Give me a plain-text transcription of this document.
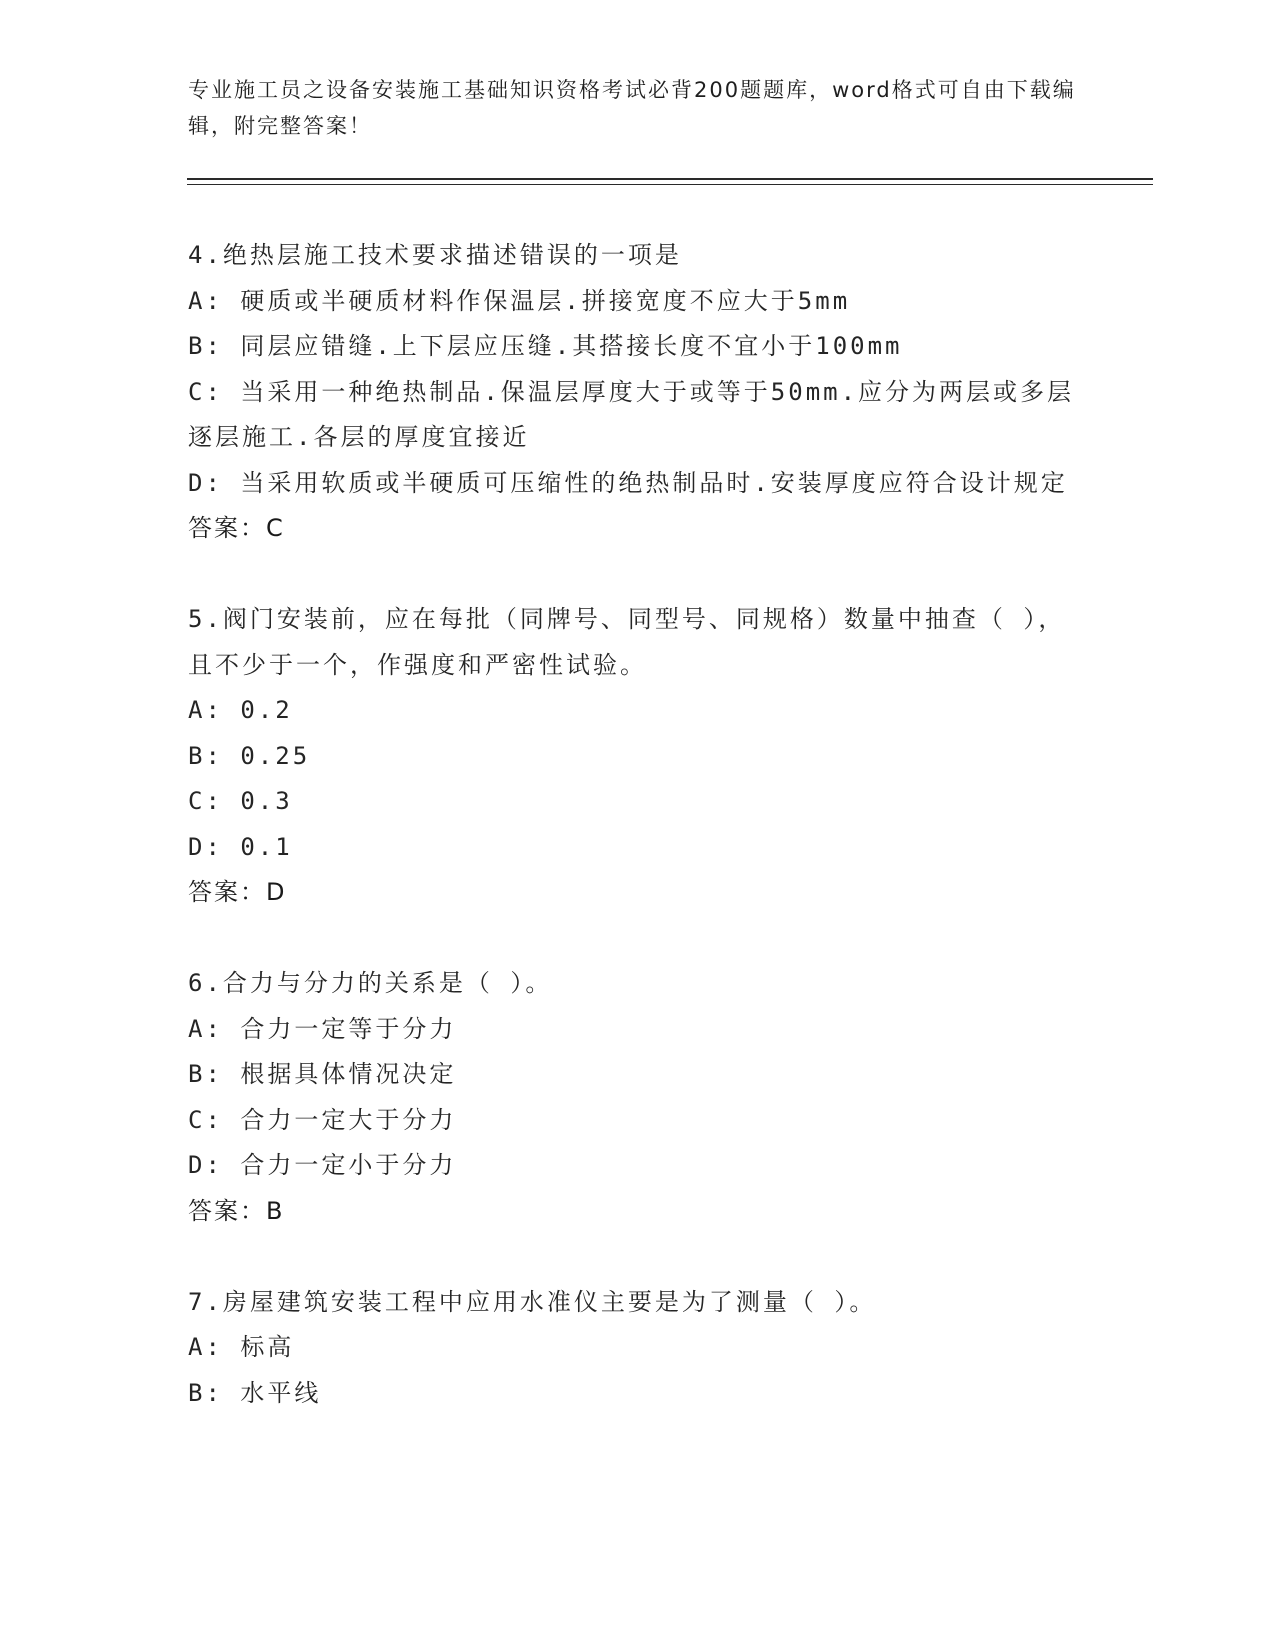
专业施工员之设备安装施工基础知识资格考试必背200题题库，word格式可自由下载编辑，附完整答案！

4.绝热层施工技术要求描述错误的一项是

A: 硬质或半硬质材料作保温层.拼接宽度不应大于5mm

B: 同层应错缝.上下层应压缝.其搭接长度不宜小于100mm

C: 当采用一种绝热制品.保温层厚度大于或等于50mm.应分为两层或多层逐层施工.各层的厚度宜接近

D: 当采用软质或半硬质可压缩性的绝热制品时.安装厚度应符合设计规定

答案：C

5.阀门安装前，应在每批（同牌号、同型号、同规格）数量中抽查（ ），且不少于一个，作强度和严密性试验。

A: 0.2

B: 0.25

C: 0.3

D: 0.1

答案：D

6.合力与分力的关系是（ ）。

A: 合力一定等于分力

B: 根据具体情况决定

C: 合力一定大于分力

D: 合力一定小于分力

答案：B

7.房屋建筑安装工程中应用水准仪主要是为了测量（ ）。

A: 标高

B: 水平线
